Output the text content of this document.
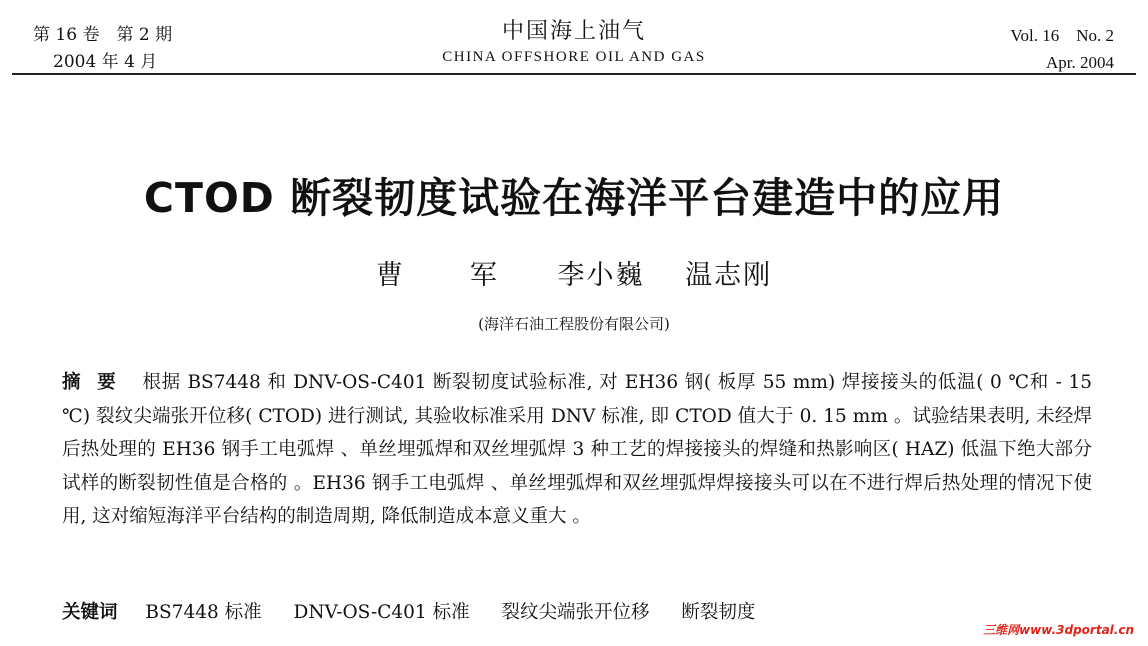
第 16 卷　第 2 期
2004 年 4 月
中国海上油气
CHINA OFFSHORE OIL AND GAS
Vol. 16　No. 2
Apr. 2004
CTOD 断裂韧度试验在海洋平台建造中的应用
曹　军 李小巍 温志刚
(海洋石油工程股份有限公司)
摘要 根据 BS7448 和 DNV-OS-C401 断裂韧度试验标准, 对 EH36 钢( 板厚 55 mm) 焊接接头的低温( 0 ℃和 - 15 ℃) 裂纹尖端张开位移( CTOD) 进行测试, 其验收标准采用 DNV 标准, 即 CTOD 值大于 0. 15 mm 。试验结果表明, 未经焊后热处理的 EH36 钢手工电弧焊 、单丝埋弧焊和双丝埋弧焊 3 种工艺的焊接接头的焊缝和热影响区( HAZ) 低温下绝大部分试样的断裂韧性值是合格的 。EH36 钢手工电弧焊 、单丝埋弧焊和双丝埋弧焊焊接接头可以在不进行焊后热处理的情况下使用, 这对缩短海洋平台结构的制造周期, 降低制造成本意义重大 。
关键词 BS7448 标准 DNV-OS-C401 标准 裂纹尖端张开位移 断裂韧度
三维网www.3dportal.cn
